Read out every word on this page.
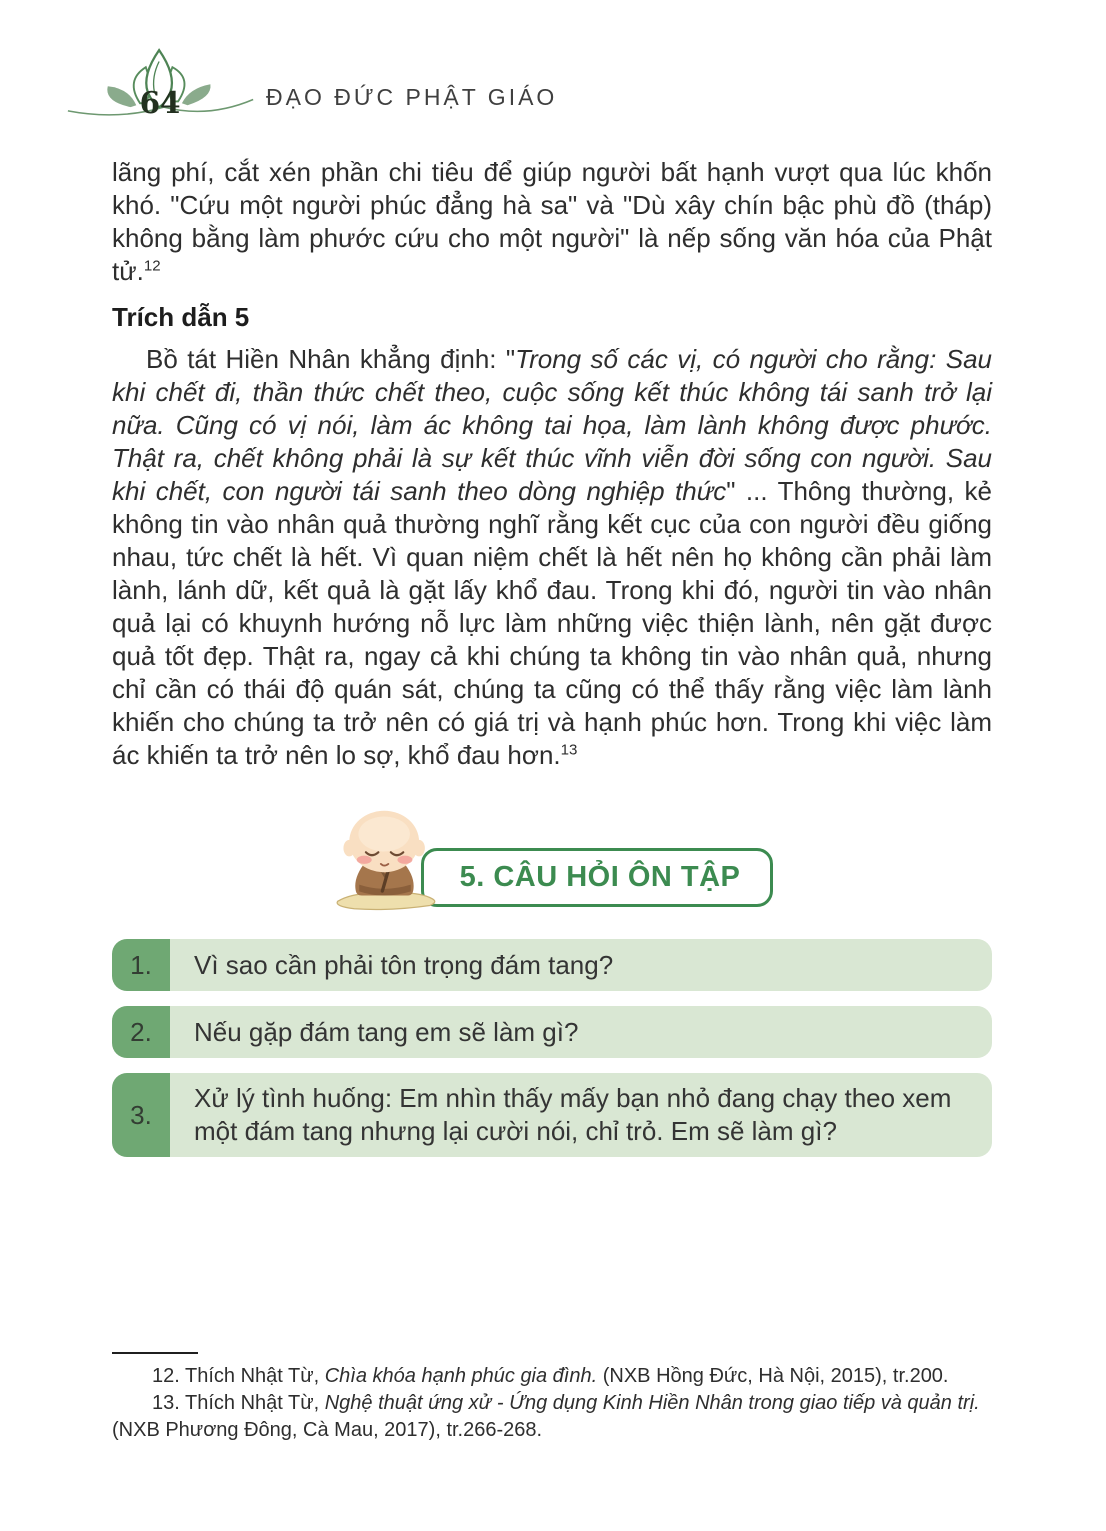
64	ĐẠO ĐỨC PHẬT GIÁO

lãng phí, cắt xén phần chi tiêu để giúp người bất hạnh vượt qua lúc khốn khó. "Cứu một người phúc đẳng hà sa" và "Dù xây chín bậc phù đồ (tháp) không bằng làm phước cứu cho một người" là nếp sống văn hóa của Phật tử.$^{12}$

Trích dẫn 5

Bồ tát Hiền Nhân khẳng định: "Trong số các vị, có người cho rằng: Sau khi chết đi, thần thức chết theo, cuộc sống kết thúc không tái sanh trở lại nữa. Cũng có vị nói, làm ác không tai họa, làm lành không được phước. Thật ra, chết không phải là sự kết thúc vĩnh viễn đời sống con người. Sau khi chết, con người tái sanh theo dòng nghiệp thức" ... Thông thường, kẻ không tin vào nhân quả thường nghĩ rằng kết cục của con người đều giống nhau, tức chết là hết. Vì quan niệm chết là hết nên họ không cần phải làm lành, lánh dữ, kết quả là gặt lấy khổ đau. Trong khi đó, người tin vào nhân quả lại có khuynh hướng nỗ lực làm những việc thiện lành, nên gặt được quả tốt đẹp. Thật ra, ngay cả khi chúng ta không tin vào nhân quả, nhưng chỉ cần có thái độ quán sát, chúng ta cũng có thể thấy rằng việc làm lành khiến cho chúng ta trở nên có giá trị và hạnh phúc hơn. Trong khi việc làm ác khiến ta trở nên lo sợ, khổ đau hơn.$^{13}$

5. CÂU HỎI ÔN TẬP
1.	Vì sao cần phải tôn trọng đám tang?
2.	Nếu gặp đám tang em sẽ làm gì?
3.
Xử lý tình huống: Em nhìn thấy mấy bạn nhỏ đang chạy theo xem một đám tang nhưng lại cười nói, chỉ trỏ. Em sẽ làm gì?

12. Thích Nhật Từ, Chìa khóa hạnh phúc gia đình. (NXB Hồng Đức, Hà Nội, 2015), tr.200.

13. Thích Nhật Từ, Nghệ thuật ứng xử - Ứng dụng Kinh Hiền Nhân trong giao tiếp và quản trị. (NXB Phương Đông, Cà Mau, 2017), tr.266-268.
